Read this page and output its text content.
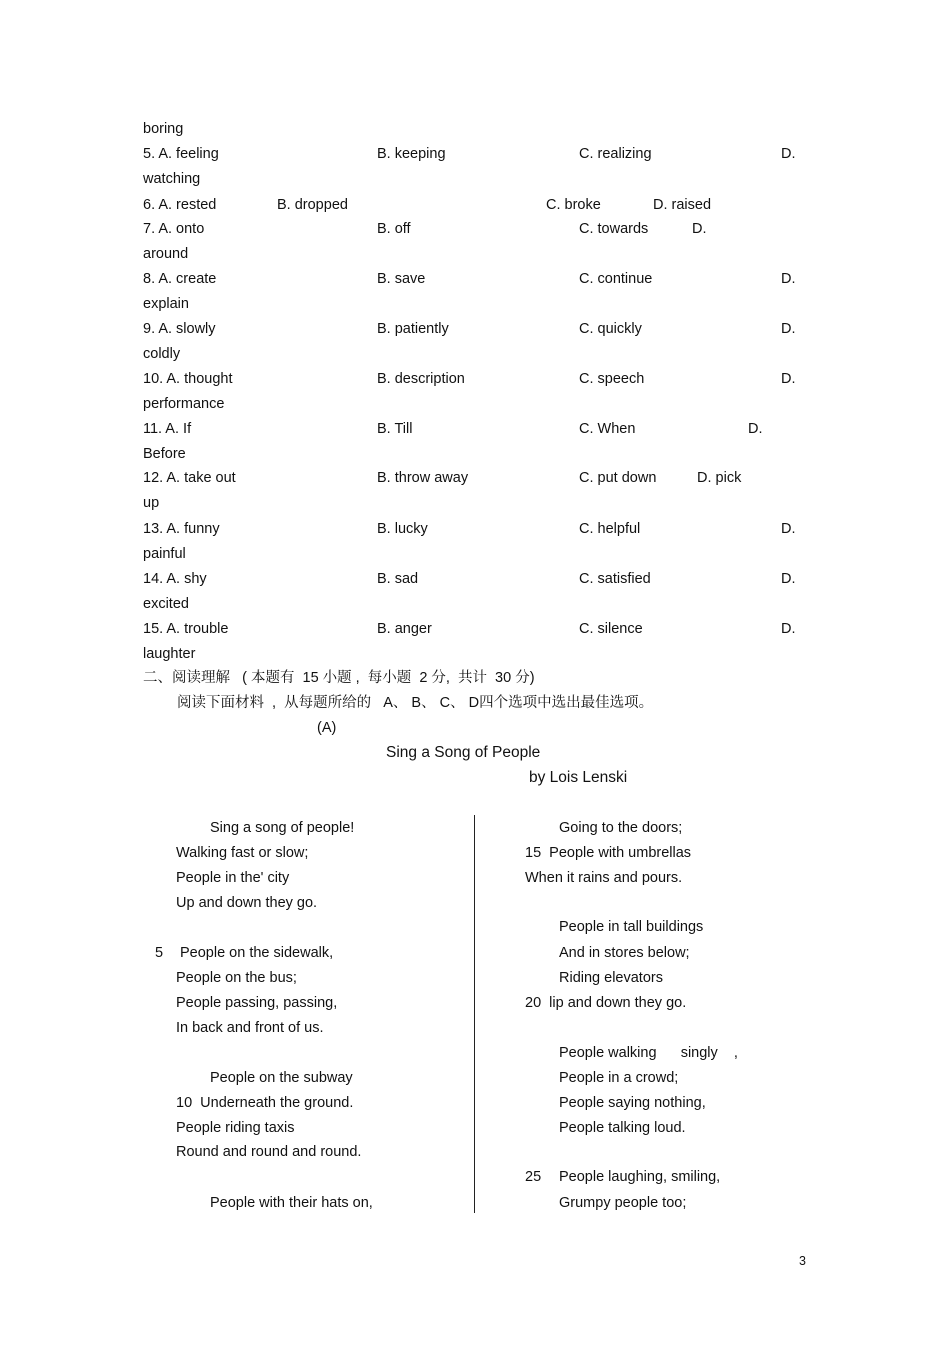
boring
5. A. feeling	B. keeping	C. realizing	D.
watching
6. A. rested	B. dropped	C. broke	D. raised
7. A. onto	B. off	C. towards	D.
around
8. A. create	B. save	C. continue	D.
explain
9. A. slowly	B. patiently	C. quickly	D.
coldly
10. A. thought	B. description	C. speech	D.
performance
11. A. If	B. Till	C. When	D.
Before
12. A. take out	B. throw away	C. put down	D. pick
up
13. A. funny	B. lucky	C. helpful	D.
painful
14. A. shy	B. sad	C. satisfied	D.
excited
15. A. trouble	B. anger	C. silence	D.
laughter
二、阅读理解   ( 本题有  15 小题 ,  每小题  2 分,  共计  30 分)
阅读下面材料  ,  从每题所给的   A、 B、 C、 D四个选项中选出最佳选项。
(A)
Sing a Song of People
by Lois Lenski
Sing a song of people!
Walking fast or slow;
People in the' city
Up and down they go.
5 People on the sidewalk,
People on the bus;
People passing, passing,
In back and front of us.
People on the subway
10  Underneath the ground.
People riding taxis
Round and round and round.
People with their hats on,
Going to the doors;
15  People with umbrellas
When it rains and pours.
People in tall buildings
And in stores below;
Riding elevators
20  lip and down they go.
People walking      singly    ,
People in a crowd;
People saying nothing,
People talking loud.
25 People laughing, smiling,
Grumpy people too;
3
